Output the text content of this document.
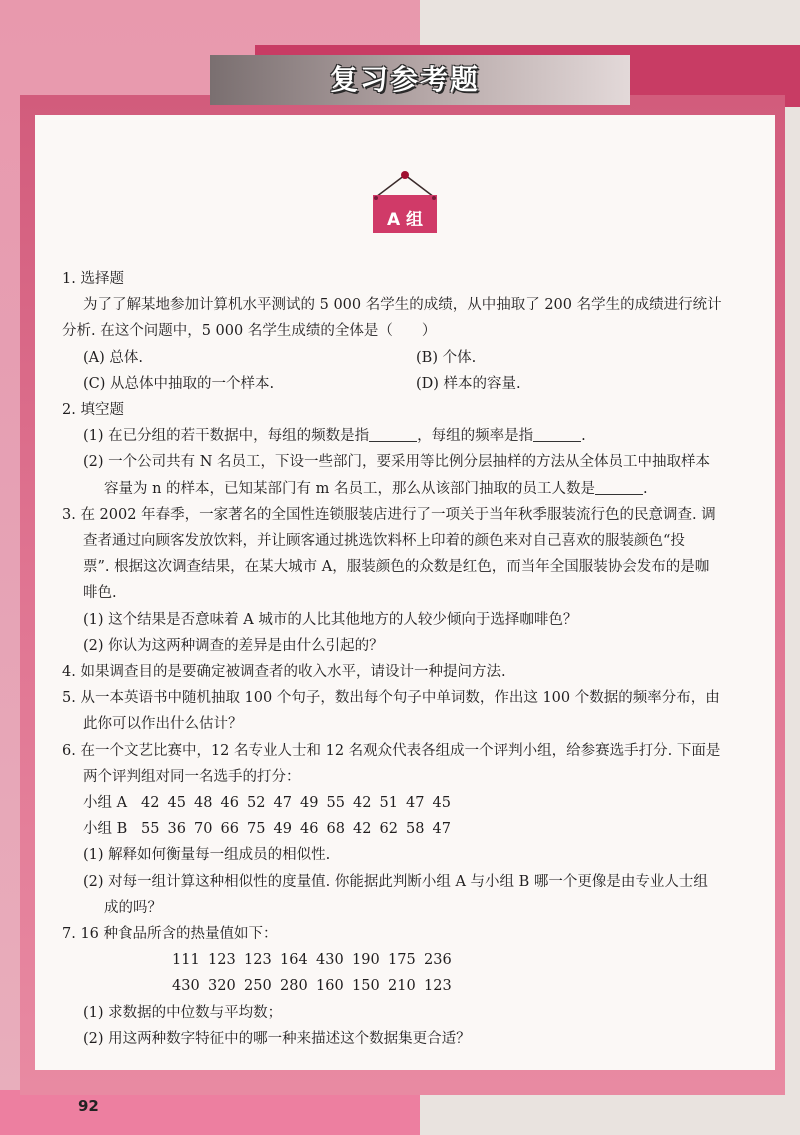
复习参考题
A 组

1. 选择题

为了了解某地参加计算机水平测试的 5 000 名学生的成绩，从中抽取了 200 名学生的成绩进行统计

分析. 在这个问题中，5 000 名学生成绩的全体是（　　）

(A) 总体.	(B) 个体.
(C) 从总体中抽取的一个样本.	(D) 样本的容量.

2. 填空题

(1) 在已分组的若干数据中，每组的频数是指	，每组的频率是指	.

(2) 一个公司共有 N 名员工，下设一些部门，要采用等比例分层抽样的方法从全体员工中抽取样本

容量为 n 的样本，已知某部门有 m 名员工，那么从该部门抽取的员工人数是	.

3. 在 2002 年春季，一家著名的全国性连锁服装店进行了一项关于当年秋季服装流行色的民意调查. 调

查者通过向顾客发放饮料，并让顾客通过挑选饮料杯上印着的颜色来对自己喜欢的服装颜色“投

票”. 根据这次调查结果，在某大城市 A，服装颜色的众数是红色，而当年全国服装协会发布的是咖

啡色.

(1) 这个结果是否意味着 A 城市的人比其他地方的人较少倾向于选择咖啡色？

(2) 你认为这两种调查的差异是由什么引起的？

4. 如果调查目的是要确定被调查者的收入水平，请设计一种提问方法.

5. 从一本英语书中随机抽取 100 个句子，数出每个句子中单词数，作出这 100 个数据的频率分布，由

此你可以作出什么估计？

6. 在一个文艺比赛中，12 名专业人士和 12 名观众代表各组成一个评判小组，给参赛选手打分. 下面是

两个评判组对同一名选手的打分：

小组 A 42 45 48 46 52 47 49 55 42 51 47 45

小组 B 55 36 70 66 75 49 46 68 42 62 58 47

(1) 解释如何衡量每一组成员的相似性.

(2) 对每一组计算这种相似性的度量值. 你能据此判断小组 A 与小组 B 哪一个更像是由专业人士组

成的吗？

7. 16 种食品所含的热量值如下：

111 123 123 164 430 190 175 236

430 320 250 280 160 150 210 123

(1) 求数据的中位数与平均数；

(2) 用这两种数字特征中的哪一种来描述这个数据集更合适？

92
